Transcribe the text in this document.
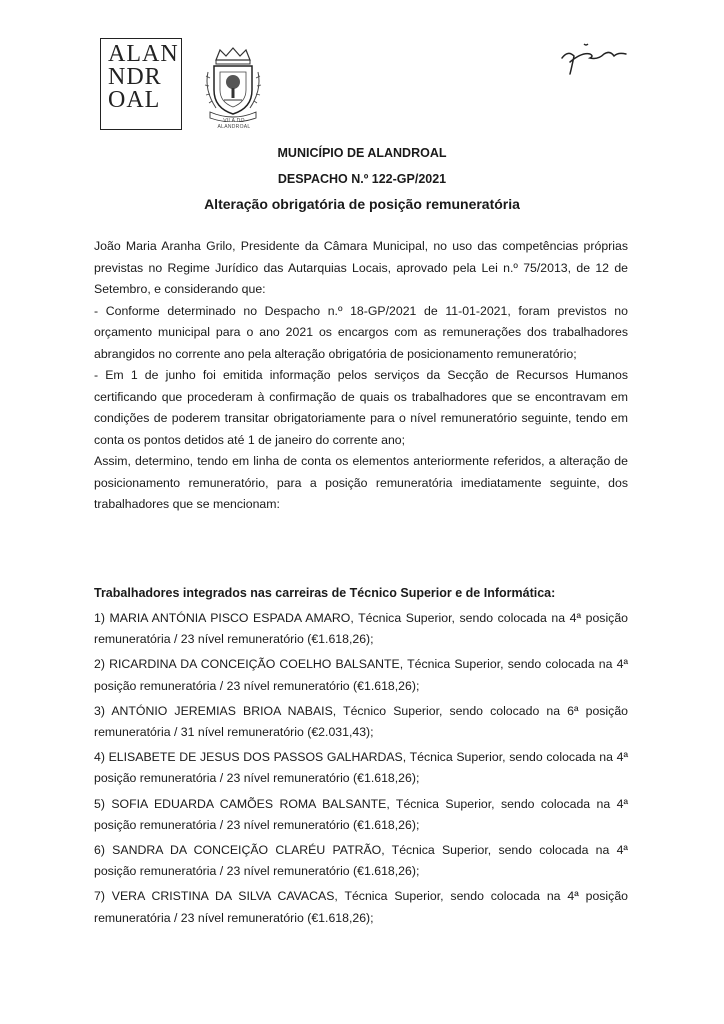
ALAN
NDR
OAL
VILA DO ALANDROAL
MUNICÍPIO DE ALANDROAL
DESPACHO N.º 122-GP/2021
Alteração obrigatória de posição remuneratória

João Maria Aranha Grilo, Presidente da Câmara Municipal, no uso das competências próprias previstas no Regime Jurídico das Autarquias Locais, aprovado pela Lei n.º 75/2013, de 12 de Setembro, e considerando que:

- Conforme determinado no Despacho n.º 18-GP/2021 de 11-01-2021, foram previstos no orçamento municipal para o ano 2021 os encargos com as remunerações dos trabalhadores abrangidos no corrente ano pela alteração obrigatória de posicionamento remuneratório;

- Em 1 de junho foi emitida informação pelos serviços da Secção de Recursos Humanos certificando que procederam à confirmação de quais os trabalhadores que se encontravam em condições de poderem transitar obrigatoriamente para o nível remuneratório seguinte, tendo em conta os pontos detidos até 1 de janeiro do corrente ano;

Assim, determino, tendo em linha de conta os elementos anteriormente referidos, a alteração de posicionamento remuneratório, para a posição remuneratória imediatamente seguinte, dos trabalhadores que se mencionam:

Trabalhadores integrados nas carreiras de Técnico Superior e de Informática:

1) MARIA ANTÓNIA PISCO ESPADA AMARO, Técnica Superior, sendo colocada na 4ª posição remuneratória / 23 nível remuneratório (€1.618,26);

2) RICARDINA DA CONCEIÇÃO COELHO BALSANTE, Técnica Superior, sendo colocada na 4ª posição remuneratória / 23 nível remuneratório (€1.618,26);

3) ANTÓNIO JEREMIAS BRIOA NABAIS, Técnico Superior, sendo colocado na 6ª posição remuneratória / 31 nível remuneratório (€2.031,43);

4) ELISABETE DE JESUS DOS PASSOS GALHARDAS, Técnica Superior, sendo colocada na 4ª posição remuneratória / 23 nível remuneratório (€1.618,26);

5) SOFIA EDUARDA CAMÕES ROMA BALSANTE, Técnica Superior, sendo colocada na 4ª posição remuneratória / 23 nível remuneratório (€1.618,26);

6) SANDRA DA CONCEIÇÃO CLARÉU PATRÃO, Técnica Superior, sendo colocada na 4ª posição remuneratória / 23 nível remuneratório (€1.618,26);

7) VERA CRISTINA DA SILVA CAVACAS, Técnica Superior, sendo colocada na 4ª posição remuneratória / 23 nível remuneratório (€1.618,26);
